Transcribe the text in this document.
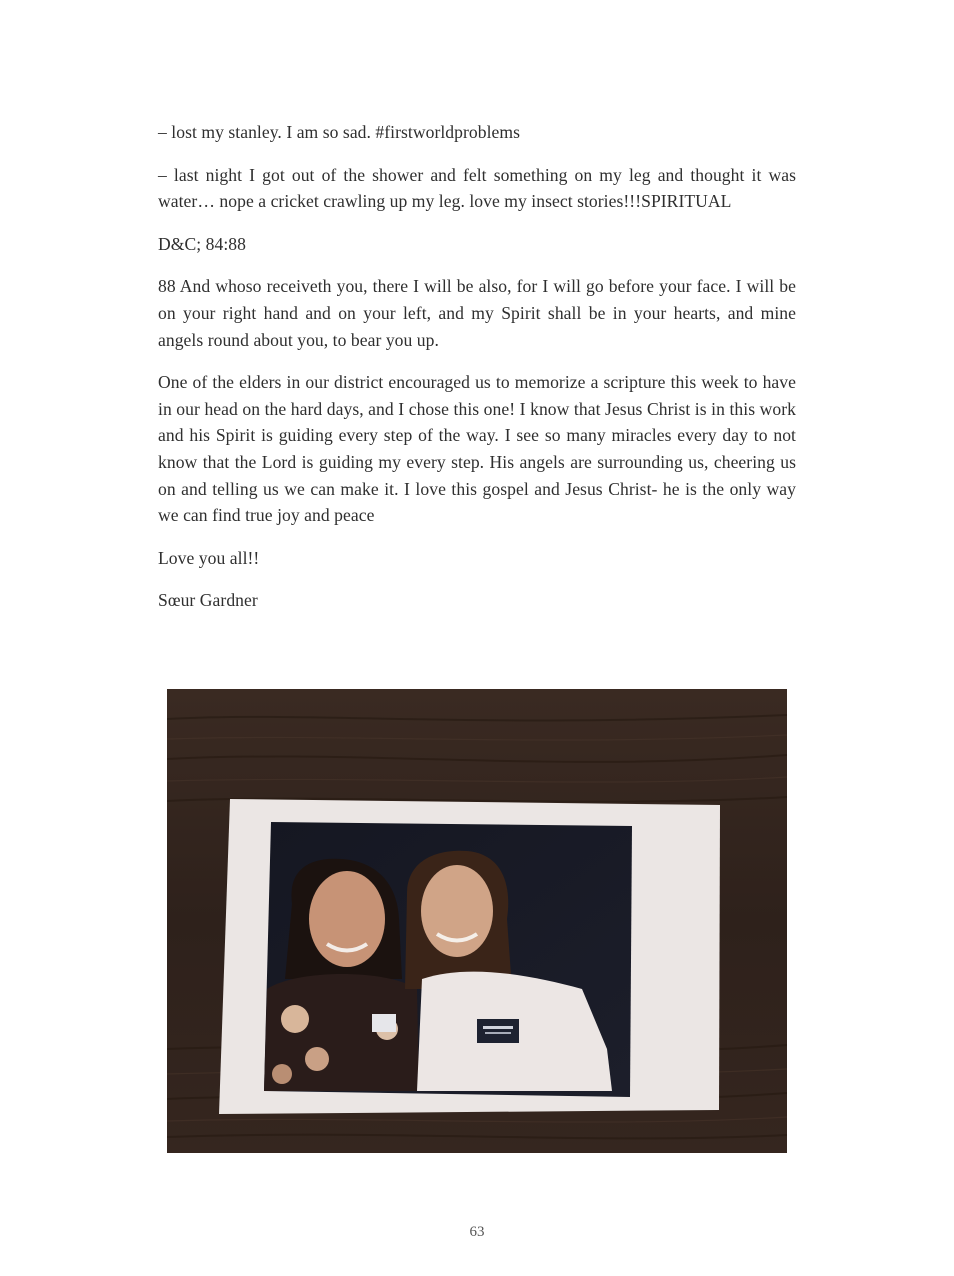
– lost my stanley. I am so sad. #firstworldproblems

– last night I got out of the shower and felt something on my leg and thought it was water… nope a cricket crawling up my leg. love my insect stories!!!SPIRITUAL

D&C; 84:88

88 And whoso receiveth you, there I will be also, for I will go before your face. I will be on your right hand and on your left, and my Spirit shall be in your hearts, and mine angels round about you, to bear you up.

One of the elders in our district encouraged us to memorize a scripture this week to have in our head on the hard days, and I chose this one! I know that Jesus Christ is in this work and his Spirit is guiding every step of the way. I see so many miracles every day to not know that the Lord is guiding my every step. His angels are surrounding us, cheering us on and telling us we can make it. I love this gospel and Jesus Christ- he is the only way we can find true joy and peace

Love you all!!

Sœur Gardner

63
